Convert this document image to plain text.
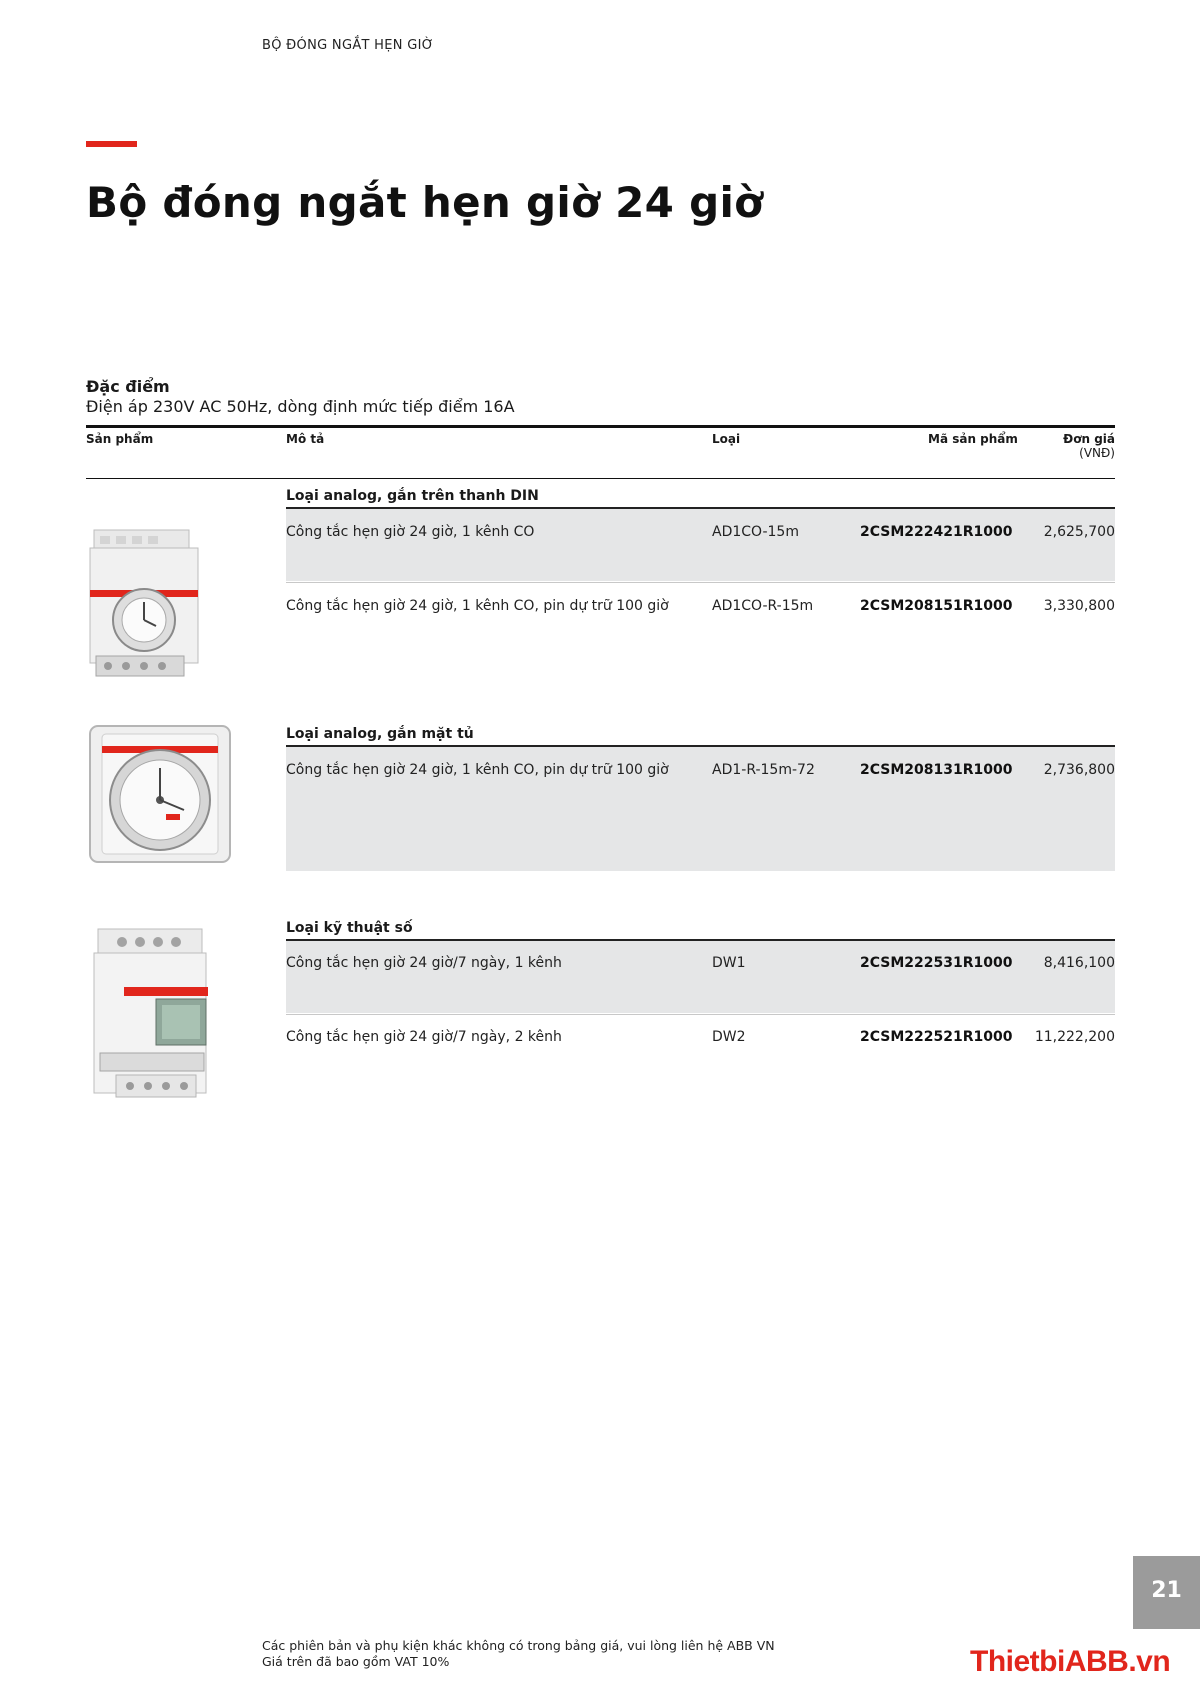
BỘ ĐÓNG NGẮT HẸN GIỜ
Bộ đóng ngắt hẹn giờ 24 giờ
Đặc điểm
Điện áp 230V AC 50Hz, dòng định mức tiếp điểm 16A
Sản phẩm	Mô tả	Loại	Mã sản phẩm	Đơn giá
(VNĐ)
Loại analog, gắn trên thanh DIN
Công tắc hẹn giờ 24 giờ, 1 kênh CO	AD1CO-15m	2CSM222421R1000	2,625,700
Công tắc hẹn giờ 24 giờ, 1 kênh CO, pin dự trữ 100 giờ	AD1CO-R-15m	2CSM208151R1000	3,330,800
Loại analog, gắn mặt tủ
Công tắc hẹn giờ 24 giờ, 1 kênh CO, pin dự trữ 100 giờ	AD1-R-15m-72	2CSM208131R1000	2,736,800
Loại kỹ thuật số
Công tắc hẹn giờ 24 giờ/7 ngày, 1 kênh	DW1	2CSM222531R1000	8,416,100
Công tắc hẹn giờ 24 giờ/7 ngày, 2 kênh	DW2	2CSM222521R1000	11,222,200
21
Các phiên bản và phụ kiện khác không có trong bảng giá, vui lòng liên hệ ABB VN
Giá trên đã bao gồm VAT 10%	ThietbiABB.vn
